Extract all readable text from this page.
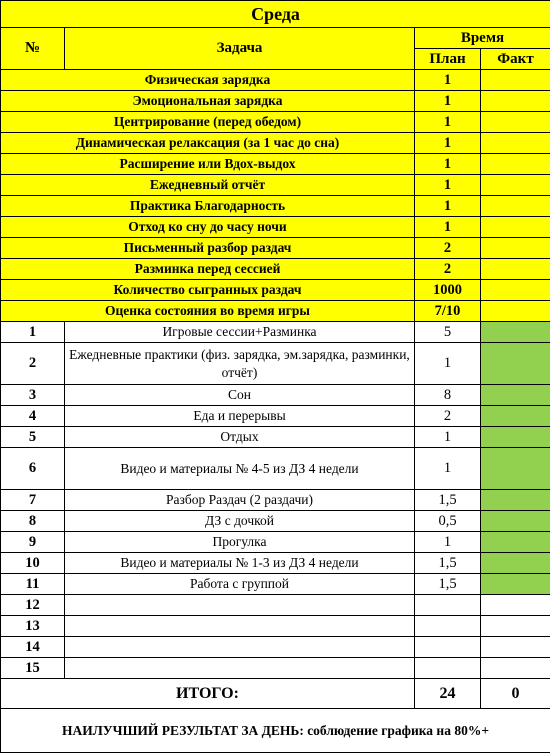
Среда			
№	Задача	Время	
		План	Факт
Физическая зарядка		1	
Эмоциональная зарядка		1	
Центрирование (перед обедом)		1	
Динамическая релаксация (за 1 час до сна)		1	
Расширение или Вдох-выдох		1	
Ежедневный отчёт		1	
Практика Благодарность		1	
Отход ко сну до часу ночи		1	
Письменный разбор раздач		2	
Разминка перед сессией		2	
Количество сыгранных раздач		1000	
Оценка состояния во время игры		7/10	
1	Игровые сессии+Разминка	5	
2	Ежедневные практики (физ. зарядка, эм.зарядка, разминки, отчёт)	1	
3	Сон	8	
4	Еда и перерывы	2	
5	Отдых	1	
6	Видео и материалы № 4-5 из ДЗ 4 недели	1	
7	Разбор Раздач (2 раздачи)	1,5	
8	ДЗ с дочкой	0,5	
9	Прогулка	1	
10	Видео и материалы № 1-3 из ДЗ 4 недели	1,5	
11	Работа с группой	1,5	
12			
13			
14			
15			
ИТОГО:		24	0
НАИЛУЧШИЙ РЕЗУЛЬТАТ ЗА ДЕНЬ: соблюдение графика на 80%+			
